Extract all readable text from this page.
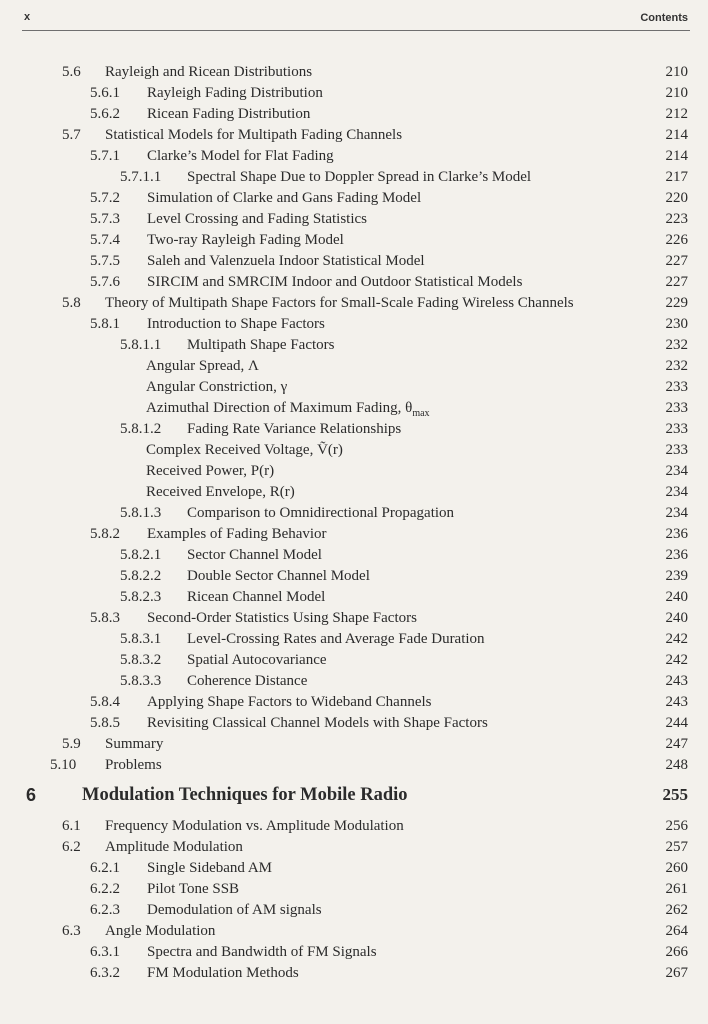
x	Contents
5.6 Rayleigh and Ricean Distributions	210
5.6.1 Rayleigh Fading Distribution	210
5.6.2 Ricean Fading Distribution	212
5.7 Statistical Models for Multipath Fading Channels	214
5.7.1 Clarke’s Model for Flat Fading	214
5.7.1.1 Spectral Shape Due to Doppler Spread in Clarke’s Model	217
5.7.2 Simulation of Clarke and Gans Fading Model	220
5.7.3 Level Crossing and Fading Statistics	223
5.7.4 Two-ray Rayleigh Fading Model	226
5.7.5 Saleh and Valenzuela Indoor Statistical Model	227
5.7.6 SIRCIM and SMRCIM Indoor and Outdoor Statistical Models	227
5.8 Theory of Multipath Shape Factors for Small-Scale Fading Wireless Channels	229
5.8.1 Introduction to Shape Factors	230
5.8.1.1 Multipath Shape Factors	232
Angular Spread, Λ	232
Angular Constriction, γ	233
Azimuthal Direction of Maximum Fading, $\theta_{max}$	233
5.8.1.2 Fading Rate Variance Relationships	233
Complex Received Voltage, Ṽ(r)	233
Received Power, P(r)	234
Received Envelope, R(r)	234
5.8.1.3 Comparison to Omnidirectional Propagation	234
5.8.2 Examples of Fading Behavior	236
5.8.2.1 Sector Channel Model	236
5.8.2.2 Double Sector Channel Model	239
5.8.2.3 Ricean Channel Model	240
5.8.3 Second-Order Statistics Using Shape Factors	240
5.8.3.1 Level-Crossing Rates and Average Fade Duration	242
5.8.3.2 Spatial Autocovariance	242
5.8.3.3 Coherence Distance	243
5.8.4 Applying Shape Factors to Wideband Channels	243
5.8.5 Revisiting Classical Channel Models with Shape Factors	244
5.9 Summary	247
5.10 Problems	248
6 Modulation Techniques for Mobile Radio	255
6.1 Frequency Modulation vs. Amplitude Modulation	256
6.2 Amplitude Modulation	257
6.2.1 Single Sideband AM	260
6.2.2 Pilot Tone SSB	261
6.2.3 Demodulation of AM signals	262
6.3 Angle Modulation	264
6.3.1 Spectra and Bandwidth of FM Signals	266
6.3.2 FM Modulation Methods	267
